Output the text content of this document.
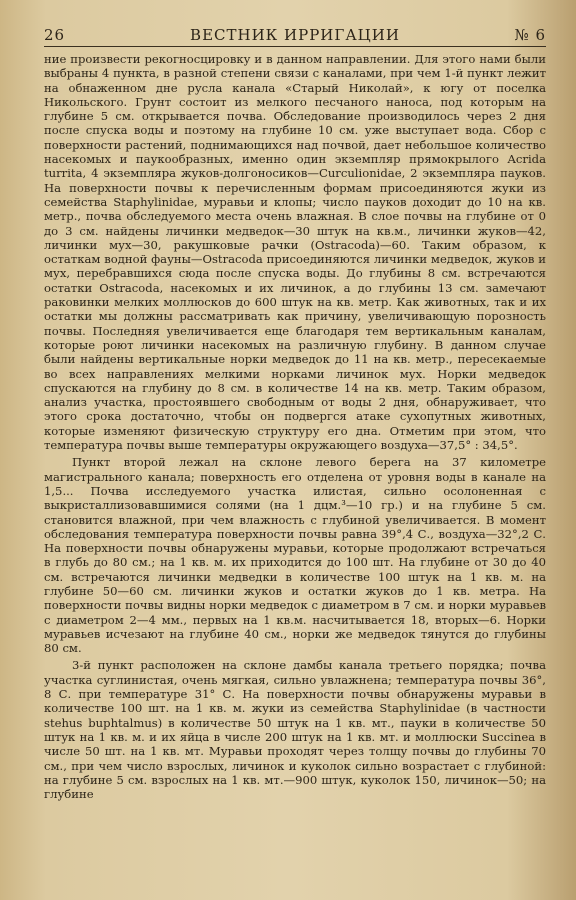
26	ВЕСТНИК ИРРИГАЦИИ	№ 6

ние произвести рекогносцировку и в данном направлении. Для этого нами были выбраны 4 пункта, в разной степени связи с каналами, при чем 1-й пункт лежит на обнаженном дне русла канала «Старый Николай», к югу от поселка Никольского. Грунт состоит из мелкого песчаного наноса, под которым на глубине 5 см. открывается почва. Обследование производилось через 2 дня после спуска воды и поэтому на глубине 10 см. уже выступает вода. Сбор с поверхности растений, поднимающихся над почвой, дает небольшое количество насекомых и паукообразных, именно один экземпляр прямокрылого Acrida turrita, 4 экземпляра жуков-долгоносиков—Curculionidae, 2 экземпляра пауков. На поверхности почвы к перечисленным формам присоединяются жуки из семейства Staphylinidae, муравьи и клопы; число пауков доходит до 10 на кв. метр., почва обследуемого места очень влажная. В слое почвы на глубине от 0 до 3 см. найдены личинки медведок—30 штук на кв.м., личинки жуков—42, личинки мух—30, ракушковые рачки (Ostracoda)—60. Таким образом, к остаткам водной фауны—Ostracoda присоединяются личинки медведок, жуков и мух, перебравшихся сюда после спуска воды. До глубины 8 см. встречаются остатки Ostracoda, насекомых и их личинок, а до глубины 13 см. замечают раковинки мелких моллюсков до 600 штук на кв. метр. Как животных, так и их остатки мы должны рассматривать как причину, увеличивающую порозность почвы. Последняя увеличивается еще благодаря тем вертикальным каналам, которые роют личинки насекомых на различную глубину. В данном случае были найдены вертикальные норки медведок до 11 на кв. метр., пересекаемые во всех направлениях мелкими норками личинок мух. Норки медведок спускаются на глубину до 8 см. в количестве 14 на кв. метр. Таким образом, анализ участка, простоявшего свободным от воды 2 дня, обнаруживает, что этого срока достаточно, чтобы он подвергся атаке сухопутных животных, которые изменяют физическую структуру его дна. Отметим при этом, что температура почвы выше температуры окружающего воздуха—37,5° : 34,5°.

Пункт второй лежал на склоне левого берега на 37 километре магистрального канала; поверхность его отделена от уровня воды в канале на 1,5... Почва исследуемого участка илистая, сильно осолоненная с выкристаллизовавшимися солями (на 1 дцм.³—10 гр.) и на глубине 5 см. становится влажной, при чем влажность с глубиной увеличивается. В момент обследования температура поверхности почвы равна 39°,4 С., воздуха—32°,2 С. На поверхности почвы обнаружены муравьи, которые продолжают встречаться в глубь до 80 см.; на 1 кв. м. их приходится до 100 шт. На глубине от 30 до 40 см. встречаются личинки медведки в количестве 100 штук на 1 кв. м. на глубине 50—60 см. личинки жуков и остатки жуков до 1 кв. метра. На поверхности почвы видны норки медведок с диаметром в 7 см. и норки муравьев с диаметром 2—4 мм., первых на 1 кв.м. насчитывается 18, вторых—6. Норки муравьев исчезают на глубине 40 см., норки же медведок тянутся до глубины 80 см.

3-й пункт расположен на склоне дамбы канала третьего порядка; почва участка суглинистая, очень мягкая, сильно увлажнена; температура почвы 36°, 8 С. при температуре 31° С. На поверхности почвы обнаружены муравьи в количестве 100 шт. на 1 кв. м. жуки из семейства Staphylinidae (в частности stehus buphtalmus) в количестве 50 штук на 1 кв. мт., пауки в количестве 50 штук на 1 кв. м. и их яйца в числе 200 штук на 1 кв. мт. и моллюски Succinea в числе 50 шт. на 1 кв. мт. Муравьи проходят через толщу почвы до глубины 70 см., при чем число взрослых, личинок и куколок сильно возрастает с глубиной: на глубине 5 см. взрослых на 1 кв. мт.—900 штук, куколок 150, личинок—50; на глубине
